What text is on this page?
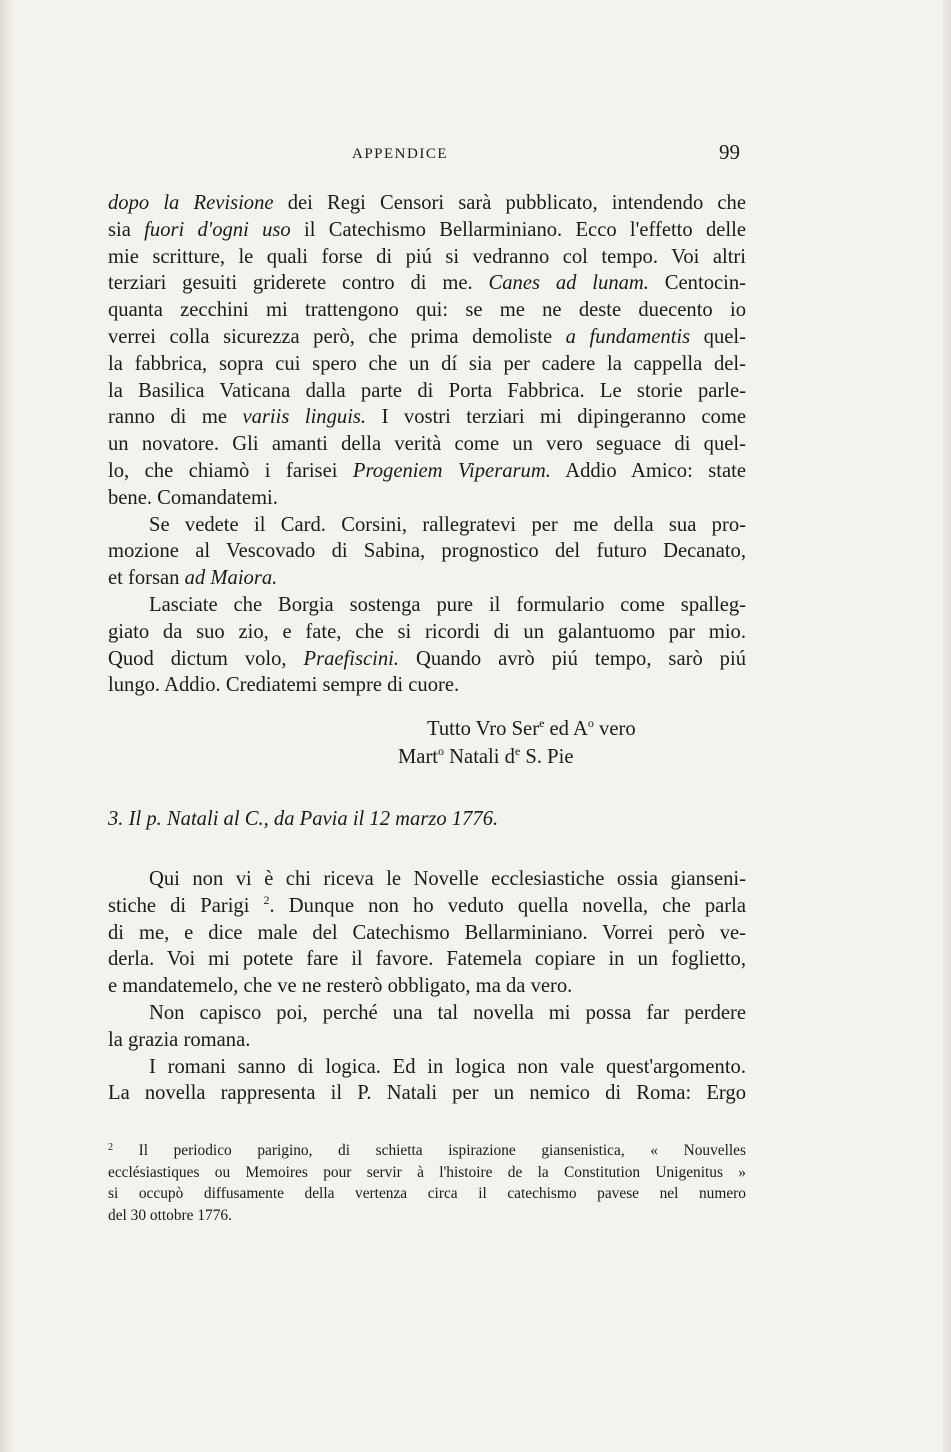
APPENDICE	99
dopo la Revisione dei Regi Censori sarà pubblicato, intendendo che
sia fuori d'ogni uso il Catechismo Bellarminiano. Ecco l'effetto delle
mie scritture, le quali forse di piú si vedranno col tempo. Voi altri
terziari gesuiti griderete contro di me. Canes ad lunam. Centocin-
quanta zecchini mi trattengono qui: se me ne deste duecento io
verrei colla sicurezza però, che prima demoliste a fundamentis quel-
la fabbrica, sopra cui spero che un dí sia per cadere la cappella del-
la Basilica Vaticana dalla parte di Porta Fabbrica. Le storie parle-
ranno di me variis linguis. I vostri terziari mi dipingeranno come
un novatore. Gli amanti della verità come un vero seguace di quel-
lo, che chiamò i farisei Progeniem Viperarum. Addio Amico: state
bene. Comandatemi.
Se vedete il Card. Corsini, rallegratevi per me della sua pro-
mozione al Vescovado di Sabina, prognostico del futuro Decanato,
et forsan ad Maiora.
Lasciate che Borgia sostenga pure il formulario come spalleg-
giato da suo zio, e fate, che si ricordi di un galantuomo par mio.
Quod dictum volo, Praefiscini. Quando avrò piú tempo, sarò piú
lungo. Addio. Crediatemi sempre di cuore.
Tutto Vro Ser$^e$ ed $A^o$ vero
Mart$^o$ Natali $d^e$ S. Pie
3. Il p. Natali al C., da Pavia il 12 marzo 1776.
Qui non vi è chi riceva le Novelle ecclesiastiche ossia gianseni-
stiche di Parigi $^2$. Dunque non ho veduto quella novella, che parla
di me, e dice male del Catechismo Bellarminiano. Vorrei però ve-
derla. Voi mi potete fare il favore. Fatemela copiare in un foglietto,
e mandatemelo, che ve ne resterò obbligato, ma da vero.
Non capisco poi, perché una tal novella mi possa far perdere
la grazia romana.
I romani sanno di logica. Ed in logica non vale quest'argomento.
La novella rappresenta il P. Natali per un nemico di Roma: Ergo
$^2$ Il periodico parigino, di schietta ispirazione giansenistica, « Nouvelles
ecclésiastiques ou Memoires pour servir à l'histoire de la Constitution Unigenitus »
si occupò diffusamente della vertenza circa il catechismo pavese nel numero
del 30 ottobre 1776.
